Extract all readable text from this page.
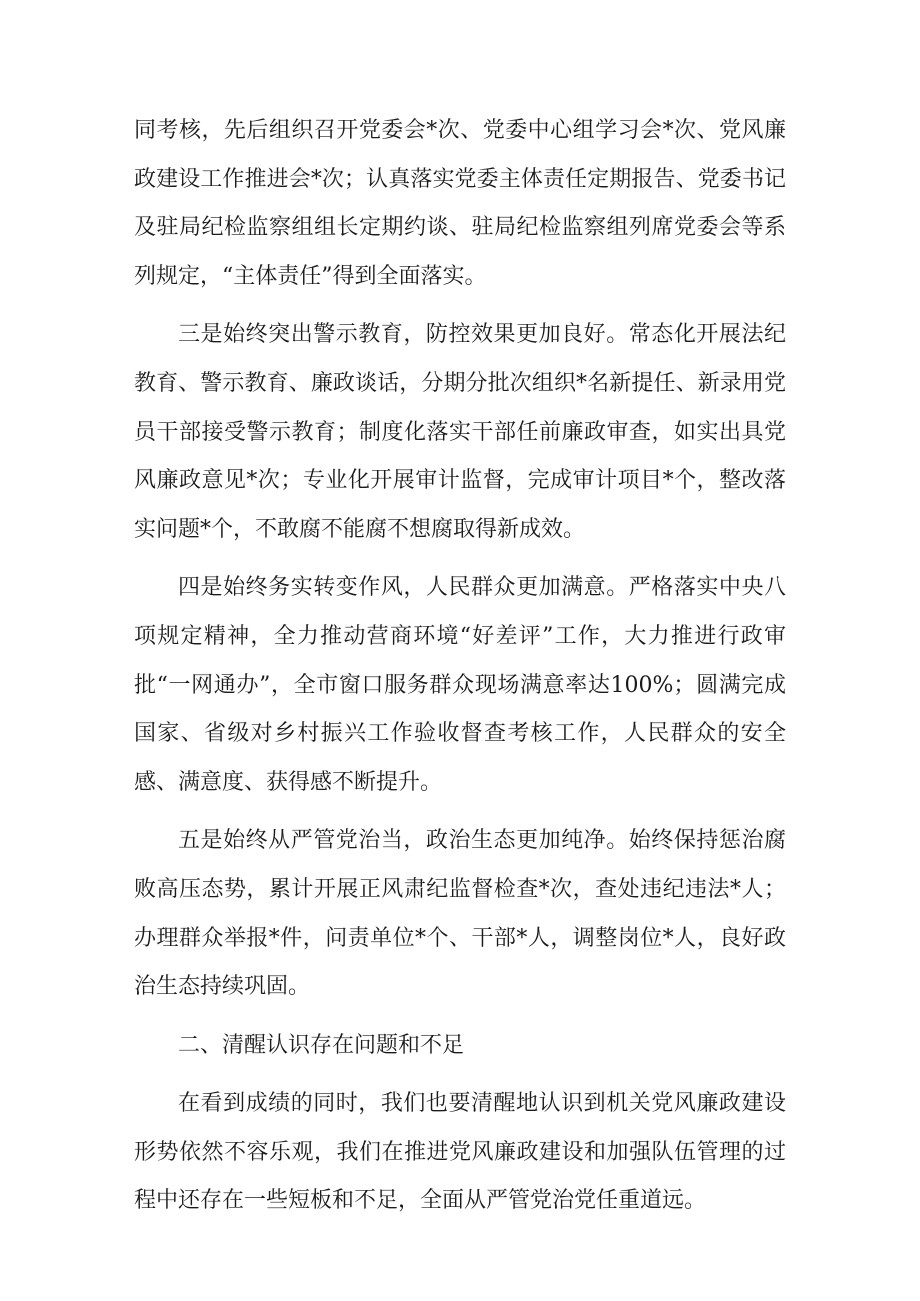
同考核，先后组织召开党委会*次、党委中心组学习会*次、党风廉政建设工作推进会*次；认真落实党委主体责任定期报告、党委书记及驻局纪检监察组组长定期约谈、驻局纪检监察组列席党委会等系列规定，“主体责任”得到全面落实。

三是始终突出警示教育，防控效果更加良好。常态化开展法纪教育、警示教育、廉政谈话，分期分批次组织*名新提任、新录用党员干部接受警示教育；制度化落实干部任前廉政审查，如实出具党风廉政意见*次；专业化开展审计监督，完成审计项目*个，整改落实问题*个，不敢腐不能腐不想腐取得新成效。

四是始终务实转变作风，人民群众更加满意。严格落实中央八项规定精神，全力推动营商环境“好差评”工作，大力推进行政审批“一网通办”，全市窗口服务群众现场满意率达100%；圆满完成国家、省级对乡村振兴工作验收督查考核工作，人民群众的安全感、满意度、获得感不断提升。

五是始终从严管党治当，政治生态更加纯净。始终保持惩治腐败高压态势，累计开展正风肃纪监督检查*次，查处违纪违法*人；办理群众举报*件，问责单位*个、干部*人，调整岗位*人，良好政治生态持续巩固。

二、清醒认识存在问题和不足

在看到成绩的同时，我们也要清醒地认识到机关党风廉政建设形势依然不容乐观，我们在推进党风廉政建设和加强队伍管理的过程中还存在一些短板和不足，全面从严管党治党任重道远。
